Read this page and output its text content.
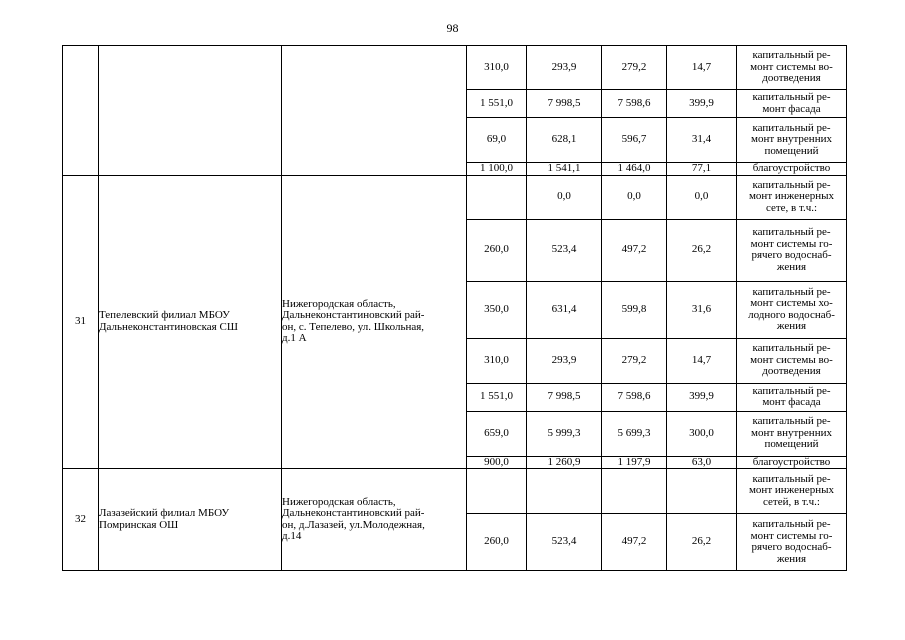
98
			310,0	293,9	279,2	14,7	капитальный ре-
монт системы во-
доотведения

			1 551,0	7 998,5	7 598,6	399,9	капитальный ре-
монт фасада

			69,0	628,1	596,7	31,4	капитальный ре-
монт внутренних
помещений

			1 100,0	1 541,1	1 464,0	77,1	благоустройство

31	Тепелевский филиал МБОУ
Дальнеконстантиновская СШ	Нижегородская область,
Дальнеконстантиновский рай-
он, с. Тепелево, ул. Школьная,
д.1 А		0,0	0,0	0,0	капитальный ре-
монт инженерных
сете, в т.ч.:

			260,0	523,4	497,2	26,2	капитальный ре-
монт системы го-
рячего водоснаб-
жения

			350,0	631,4	599,8	31,6	капитальный ре-
монт системы хо-
лодного водоснаб-
жения

			310,0	293,9	279,2	14,7	капитальный ре-
монт системы во-
доотведения

			1 551,0	7 998,5	7 598,6	399,9	капитальный ре-
монт фасада

			659,0	5 999,3	5 699,3	300,0	капитальный ре-
монт внутренних
помещений

			900,0	1 260,9	1 197,9	63,0	благоустройство

32	Лазазейский филиал МБОУ
Помринская ОШ	Нижегородская область,
Дальнеконстантиновский рай-
он, д.Лазазей, ул.Молодежная,
д.14					капитальный ре-
монт инженерных
сетей, в т.ч.:

			260,0	523,4	497,2	26,2	капитальный ре-
монт системы го-
рячего водоснаб-
жения
